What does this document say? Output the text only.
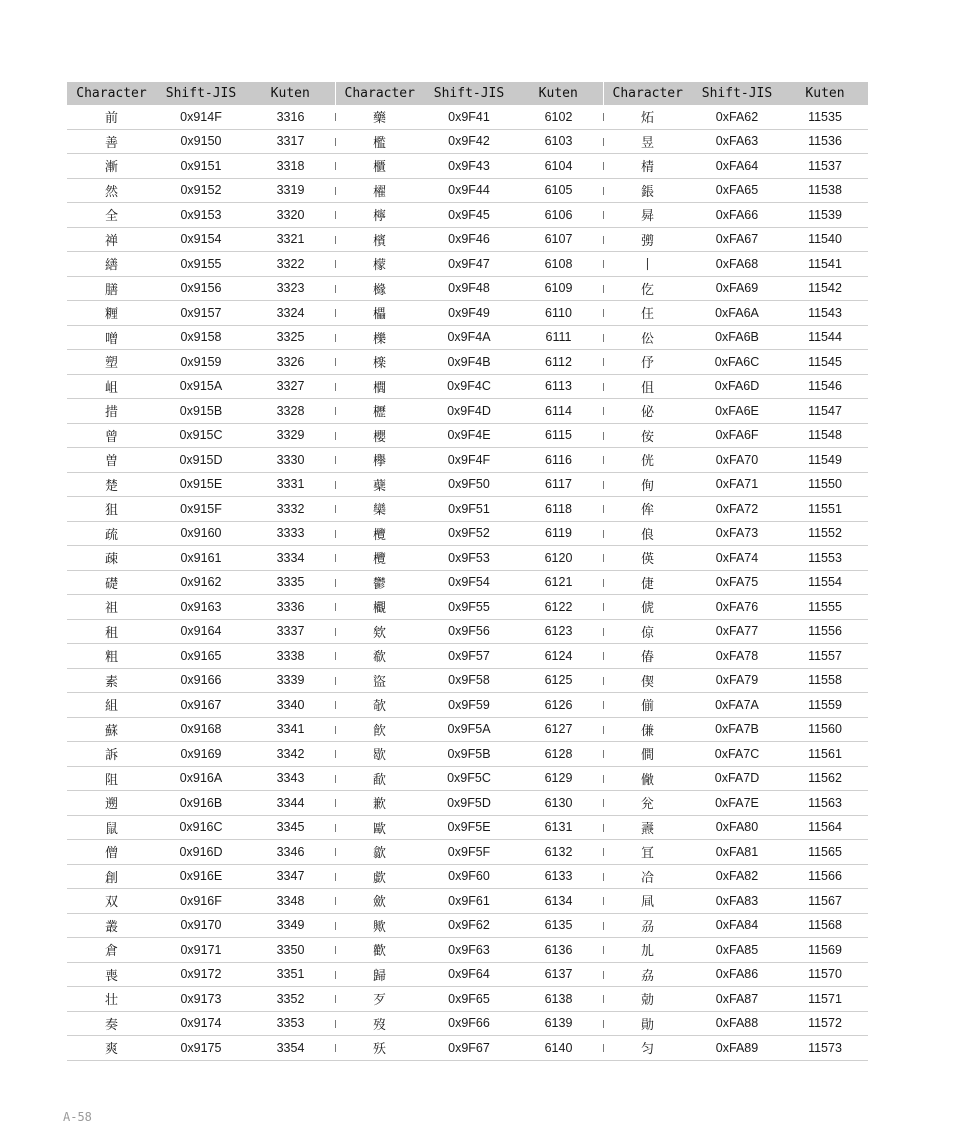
Character	Shift-JIS	Kuten	Character	Shift-JIS	Kuten	Character	Shift-JIS	Kuten
前	0x914F	3316	藥	0x9F41	6102	炻	0xFA62	11535
善	0x9150	3317	檻	0x9F42	6103	昱	0xFA63	11536
漸	0x9151	3318	櫃	0x9F43	6104	棈	0xFA64	11537
然	0x9152	3319	櫂	0x9F44	6105	鋹	0xFA65	11538
全	0x9153	3320	檸	0x9F45	6106	曻	0xFA66	11539
禅	0x9154	3321	檳	0x9F46	6107	彅	0xFA67	11540
繕	0x9155	3322	檬	0x9F47	6108	丨	0xFA68	11541
膳	0x9156	3323	櫞	0x9F48	6109	仡	0xFA69	11542
糎	0x9157	3324	櫑	0x9F49	6110	仼	0xFA6A	11543
噌	0x9158	3325	櫟	0x9F4A	6111	伀	0xFA6B	11544
塑	0x9159	3326	檪	0x9F4B	6112	伃	0xFA6C	11545
岨	0x915A	3327	櫚	0x9F4C	6113	伹	0xFA6D	11546
措	0x915B	3328	櫪	0x9F4D	6114	佖	0xFA6E	11547
曾	0x915C	3329	櫻	0x9F4E	6115	侒	0xFA6F	11548
曽	0x915D	3330	欅	0x9F4F	6116	侊	0xFA70	11549
楚	0x915E	3331	蘗	0x9F50	6117	侚	0xFA71	11550
狙	0x915F	3332	欒	0x9F51	6118	侔	0xFA72	11551
疏	0x9160	3333	欖	0x9F52	6119	俍	0xFA73	11552
疎	0x9161	3334	欖	0x9F53	6120	偀	0xFA74	11553
礎	0x9162	3335	鬱	0x9F54	6121	倢	0xFA75	11554
祖	0x9163	3336	欟	0x9F55	6122	俿	0xFA76	11555
租	0x9164	3337	欸	0x9F56	6123	倞	0xFA77	11556
粗	0x9165	3338	欷	0x9F57	6124	偆	0xFA78	11557
素	0x9166	3339	盜	0x9F58	6125	偰	0xFA79	11558
組	0x9167	3340	欹	0x9F59	6126	偂	0xFA7A	11559
蘇	0x9168	3341	飮	0x9F5A	6127	傔	0xFA7B	11560
訴	0x9169	3342	歇	0x9F5B	6128	僴	0xFA7C	11561
阻	0x916A	3343	歃	0x9F5C	6129	僘	0xFA7D	11562
遡	0x916B	3344	歉	0x9F5D	6130	兊	0xFA7E	11563
鼠	0x916C	3345	歐	0x9F5E	6131	燾	0xFA80	11564
僧	0x916D	3346	歙	0x9F5F	6132	冝	0xFA81	11565
創	0x916E	3347	歔	0x9F60	6133	冾	0xFA82	11566
双	0x916F	3348	歛	0x9F61	6134	凬	0xFA83	11567
叢	0x9170	3349	歟	0x9F62	6135	刕	0xFA84	11568
倉	0x9171	3350	歡	0x9F63	6136	劜	0xFA85	11569
喪	0x9172	3351	歸	0x9F64	6137	劦	0xFA86	11570
壮	0x9173	3352	歹	0x9F65	6138	勀	0xFA87	11571
奏	0x9174	3353	歿	0x9F66	6139	勛	0xFA88	11572
爽	0x9175	3354	殀	0x9F67	6140	匀	0xFA89	11573
A-58
